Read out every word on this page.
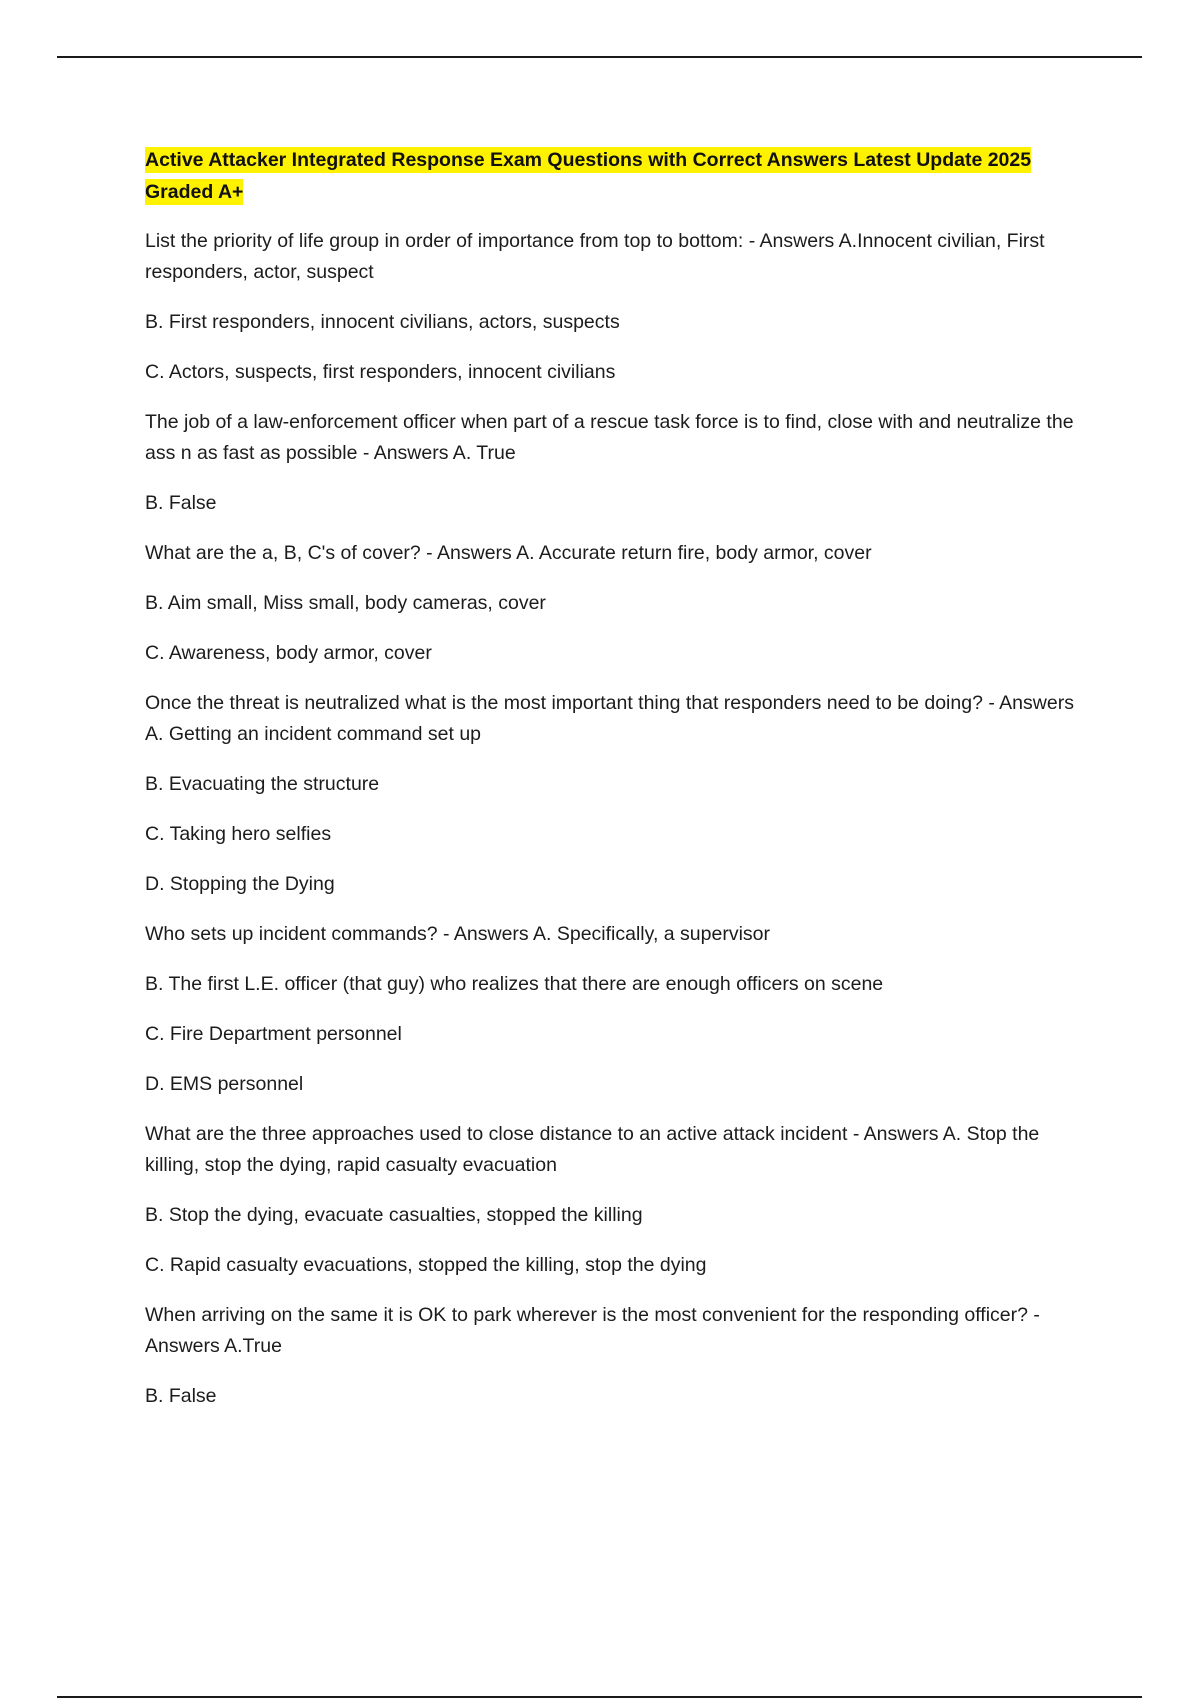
Active Attacker Integrated Response Exam Questions with Correct Answers Latest Update 2025 Graded A+

List the priority of life group in order of importance from top to bottom: - Answers A.Innocent civilian, First responders, actor, suspect

B. First responders, innocent civilians, actors, suspects

C. Actors, suspects, first responders, innocent civilians

The job of a law-enforcement officer when part of a rescue task force is to find, close with and neutralize the ass n as fast as possible - Answers A. True

B. False

What are the a, B, C's of cover? - Answers A. Accurate return fire, body armor, cover

B. Aim small, Miss small, body cameras, cover

C. Awareness, body armor, cover

Once the threat is neutralized what is the most important thing that responders need to be doing? - Answers A. Getting an incident command set up

B. Evacuating the structure

C. Taking hero selfies

D. Stopping the Dying

Who sets up incident commands? - Answers A. Specifically, a supervisor

B. The first L.E. officer (that guy) who realizes that there are enough officers on scene

C. Fire Department personnel

D. EMS personnel

What are the three approaches used to close distance to an active attack incident - Answers A. Stop the killing, stop the dying, rapid casualty evacuation

B. Stop the dying, evacuate casualties, stopped the killing

C. Rapid casualty evacuations, stopped the killing, stop the dying

When arriving on the same it is OK to park wherever is the most convenient for the responding officer? - Answers A.True

B. False
